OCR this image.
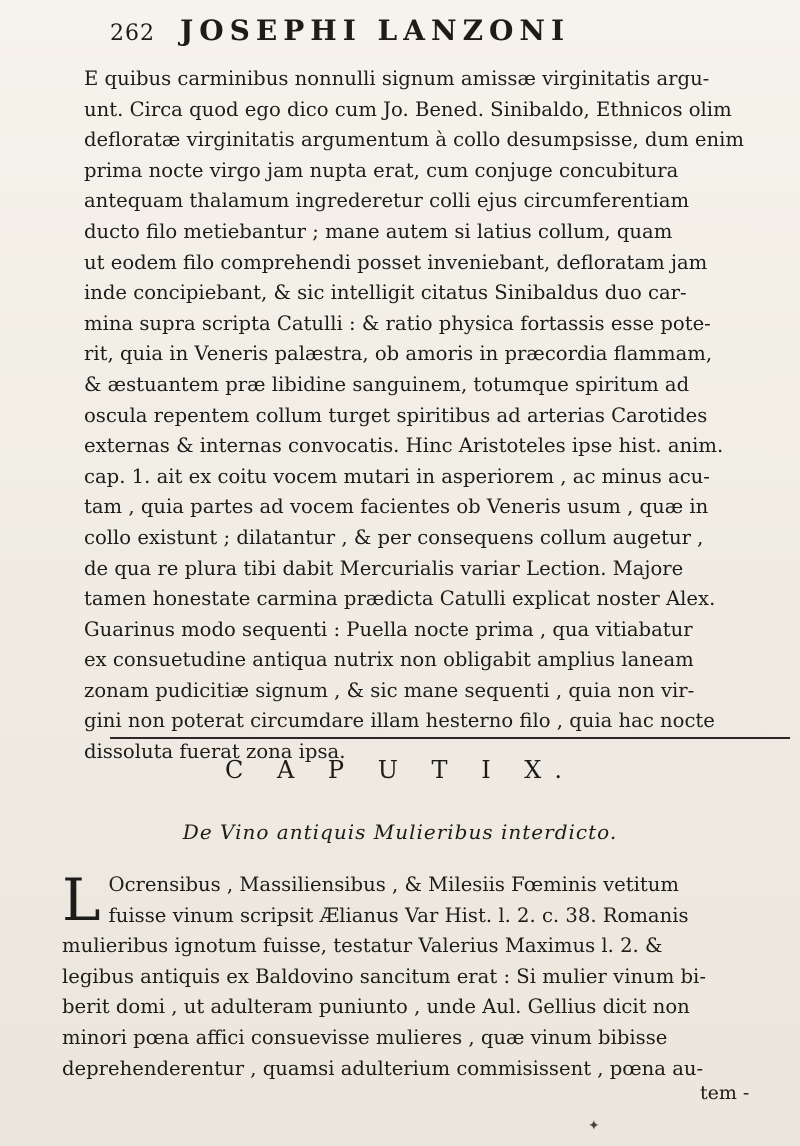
262 JOSEPHI LANZONI
E quibus carminibus nonnulli signum amissæ virginitatis argu-
unt. Circa quod ego dico cum Jo. Bened. Sinibaldo, Ethnicos olim
defloratæ virginitatis argumentum à collo desumpsisse, dum enim
prima nocte virgo jam nupta erat, cum conjuge concubitura
antequam thalamum ingrederetur colli ejus circumferentiam
ducto filo metiebantur ; mane autem si latius collum, quam
ut eodem filo comprehendi posset inveniebant, defloratam jam
inde concipiebant, & sic intelligit citatus Sinibaldus duo car-
mina supra scripta Catulli : & ratio physica fortassis esse pote-
rit, quia in Veneris palæstra, ob amoris in præcordia flammam,
& æstuantem præ libidine sanguinem, totumque spiritum ad
oscula repentem collum turget spiritibus ad arterias Carotides
externas & internas convocatis. Hinc Aristoteles ipse hist. anim.
cap. 1. ait ex coitu vocem mutari in asperiorem , ac minus acu-
tam , quia partes ad vocem facientes ob Veneris usum , quæ in
collo existunt ; dilatantur , & per consequens collum augetur ,
de qua re plura tibi dabit Mercurialis variar Lection. Majore
tamen honestate carmina prædicta Catulli explicat noster Alex.
Guarinus modo sequenti : Puella nocte prima , qua vitiabatur
ex consuetudine antiqua nutrix non obligabit amplius laneam
zonam pudicitiæ signum , & sic mane sequenti , quia non vir-
gini non poterat circumdare illam hesterno filo , quia hac nocte
dissoluta fuerat zona ipsa.
C A P U T I X.
De Vino antiquis Mulieribus interdicto.
L Ocrensibus , Massiliensibus , & Milesiis Fœminis vetitum
fuisse vinum scripsit Ælianus Var Hist. l. 2. c. 38. Romanis
mulieribus ignotum fuisse, testatur Valerius Maximus l. 2. &
legibus antiquis ex Baldovino sancitum erat : Si mulier vinum bi-
berit domi , ut adulteram puniunto , unde Aul. Gellius dicit non
minori pœna affici consuevisse mulieres , quæ vinum bibisse
deprehenderentur , quamsi adulterium commisissent , pœna au-
tem -
✦
